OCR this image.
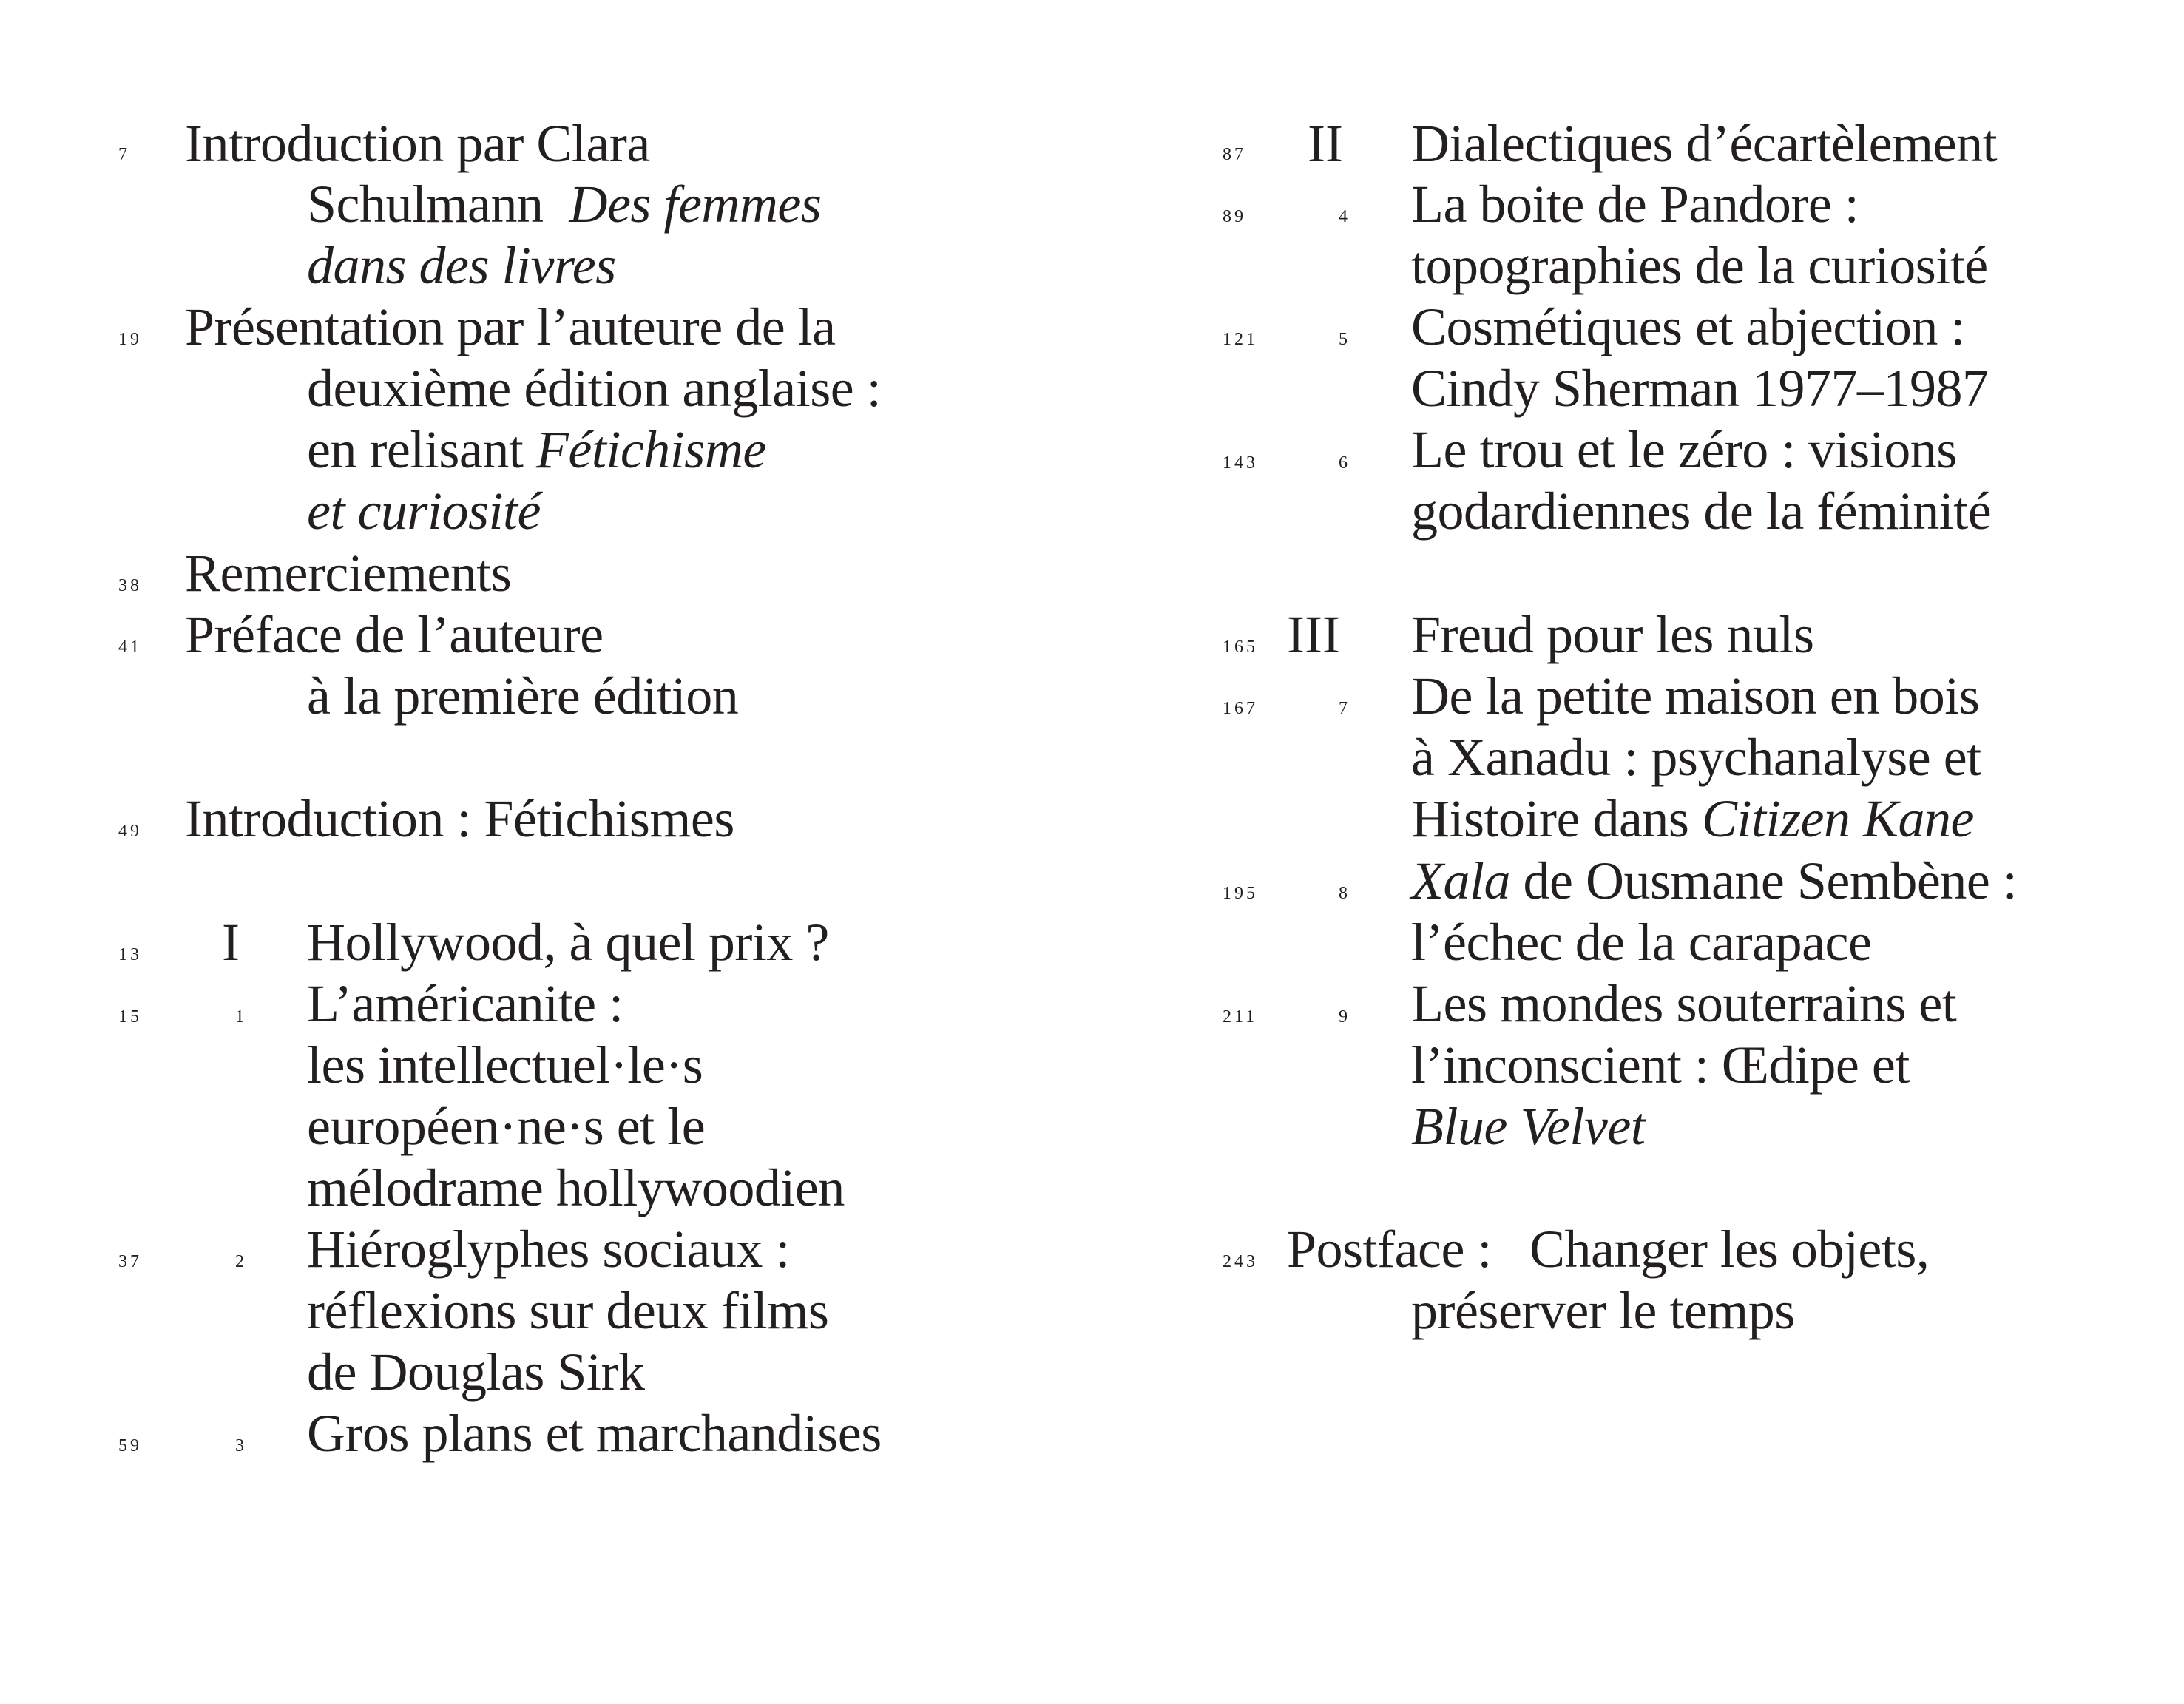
7 Introduction par Clara
Schulmann Des femmes
dans des livres
19 Présentation par l’auteure de la
deuxième édition anglaise :
en relisant Fétichisme
et curiosité
38 Remerciements
41 Préface de l’auteure
à la première édition
49 Introduction : Fétichismes
13 I Hollywood, à quel prix ?
15	1 L’américanite :
les intellectuel·le·s
européen·ne·s et le
mélodrame hollywoodien
37	2 Hiéroglyphes sociaux :
réflexions sur deux films
de Douglas Sirk
59	3 Gros plans et marchandises
87 II Dialectiques d’écartèlement
89	4 La boite de Pandore :
topographies de la curiosité
121	5 Cosmétiques et abjection :
Cindy Sherman 1977–1987
143	6 Le trou et le zéro : visions
godardiennes de la féminité
165 III Freud pour les nuls
167	7 De la petite maison en bois
à Xanadu : psychanalyse et
Histoire dans Citizen Kane
195	8 Xala de Ousmane Sembène :
l’échec de la carapace
211	9 Les mondes souterrains et
l’inconscient : Œdipe et
Blue Velvet
243 Postface : Changer les objets,
préserver le temps
